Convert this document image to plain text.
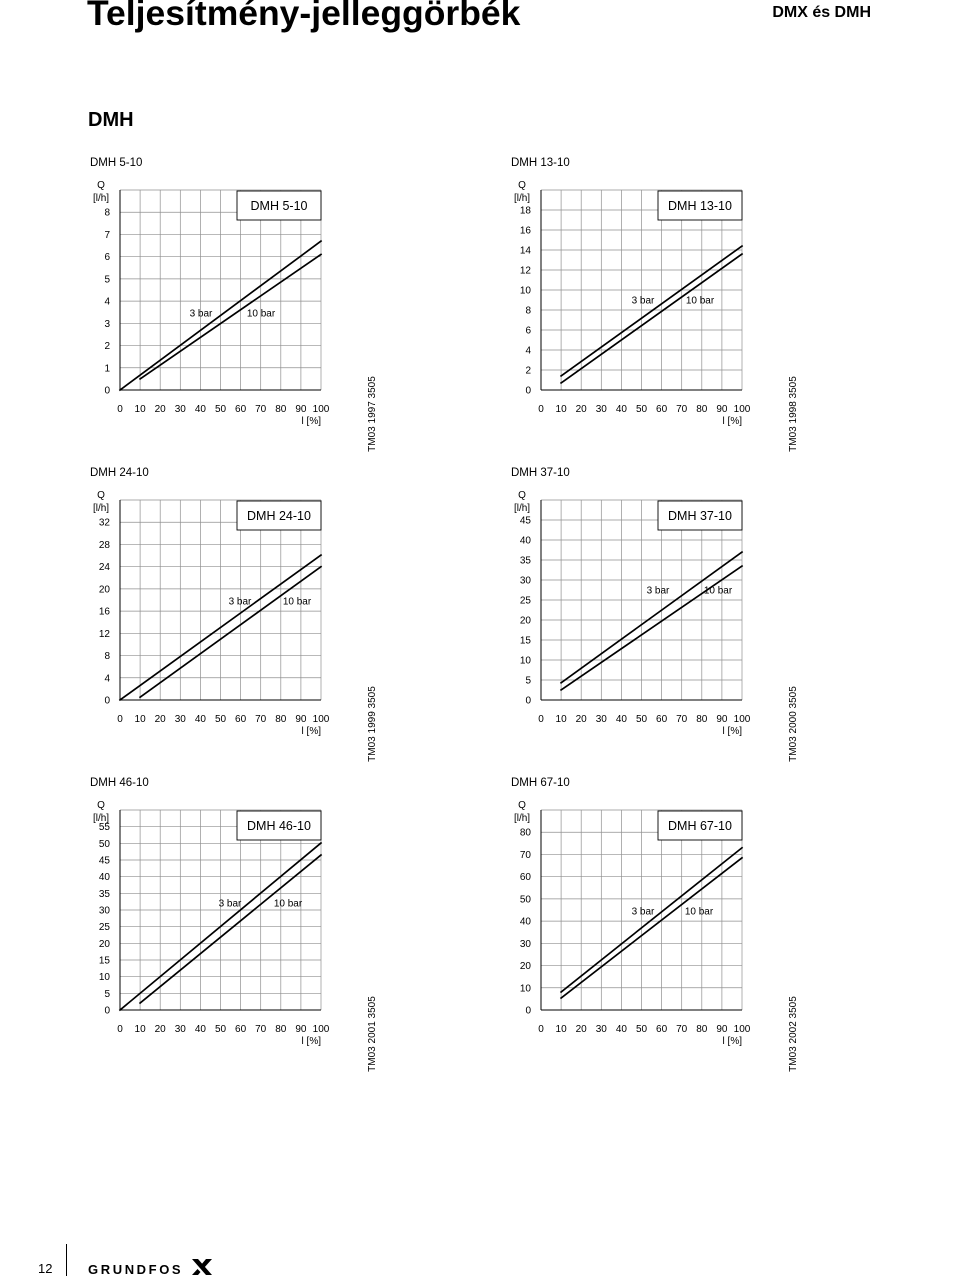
Teljesítmény-jelleggörbék	DMX és DMH
DMH
DMH 5-10
0 10 20 30 40 50 60 70 80 90 100
0
1
2
3
4
5
6
7
8
Q
[l/h]
l [%]
3 bar	10 bar
DMH 5-10
TM03 1997 3505
DMH 13-10
0 10 20 30 40 50 60 70 80 90 100
0
2
4
6
8
10
12
14
16
18
Q
[l/h]
l [%]
3 bar	10 bar
DMH 13-10
TM03 1998 3505
DMH 24-10
0 10 20 30 40 50 60 70 80 90 100
0
4
8
12
16
20
24
28
32
Q
[l/h]
l [%]
3 bar	10 bar
DMH 24-10
TM03 1999 3505
DMH 37-10
0 10 20 30 40 50 60 70 80 90 100
0
5
10
15
20
25
30
35
40
45
Q
[l/h]
l [%]
3 bar	10 bar
DMH 37-10
TM03 2000 3505
DMH 46-10
0 10 20 30 40 50 60 70 80 90 100
0
5
10
15
20
25
30
35
40
45
50
55
Q
[l/h]
l [%]
3 bar	10 bar
DMH 46-10
TM03 2001 3505
DMH 67-10
0 10 20 30 40 50 60 70 80 90 100
0
10
20
30
40
50
60
70
80
Q
[l/h]
l [%]
3 bar	10 bar
DMH 67-10
TM03 2002 3505
12	GRUNDFOS
